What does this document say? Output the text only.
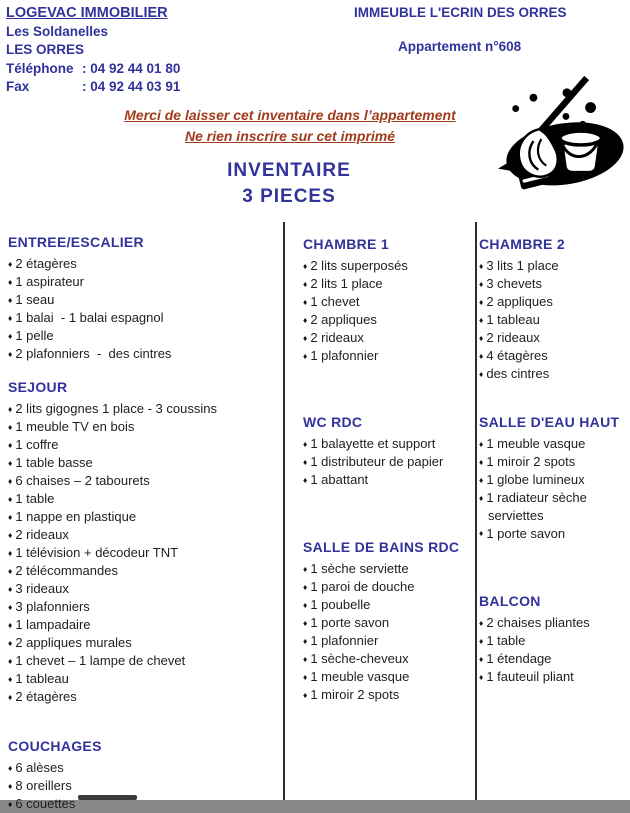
LOGEVAC IMMOBILIER
Les Soldanelles
LES ORRES
Téléphone : 04 92 44 01 80
Fax	: 04 92 44 03 91
IMMEUBLE L'ECRIN DES ORRES
Appartement n°608
Merci de laisser cet inventaire dans l’appartement
Ne rien inscrire sur cet imprimé
INVENTAIRE
3 PIECES
ENTREE/ESCALIER
♦ 2 étagères
♦ 1 aspirateur
♦ 1 seau
♦ 1 balai  - 1 balai espagnol
♦ 1 pelle
♦ 2 plafonniers  -  des cintres
SEJOUR
♦ 2 lits gigognes 1 place - 3 coussins
♦ 1 meuble TV en bois
♦ 1 coffre
♦ 1 table basse
♦ 6 chaises – 2 tabourets
♦ 1 table
♦ 1 nappe en plastique
♦ 2 rideaux
♦ 1 télévision + décodeur TNT
♦ 2 télécommandes
♦ 3 rideaux
♦ 3 plafonniers
♦ 1 lampadaire
♦ 2 appliques murales
♦ 1 chevet – 1 lampe de chevet
♦ 1 tableau
♦ 2 étagères
COUCHAGES
♦ 6 alèses
♦ 8 oreillers
♦ 6 couettes
CHAMBRE 1
♦ 2 lits superposés
♦ 2 lits 1 place
♦ 1 chevet
♦ 2 appliques
♦ 2 rideaux
♦ 1 plafonnier
WC RDC
♦ 1 balayette et support
♦ 1 distributeur de papier
♦ 1 abattant
SALLE DE BAINS RDC
♦ 1 sèche serviette
♦ 1 paroi de douche
♦ 1 poubelle
♦ 1 porte savon
♦ 1 plafonnier
♦ 1 sèche-cheveux
♦ 1 meuble vasque
♦ 1 miroir 2 spots
CHAMBRE 2
♦ 3 lits 1 place
♦ 3 chevets
♦ 2 appliques
♦ 1 tableau
♦ 2 rideaux
♦ 4 étagères
♦ des cintres
SALLE D'EAU HAUT
♦ 1 meuble vasque
♦ 1 miroir 2 spots
♦ 1 globe lumineux
♦ 1 radiateur sèche serviettes
♦ 1 porte savon
BALCON
♦ 2 chaises pliantes
♦ 1 table
♦ 1 étendage
♦ 1 fauteuil pliant
